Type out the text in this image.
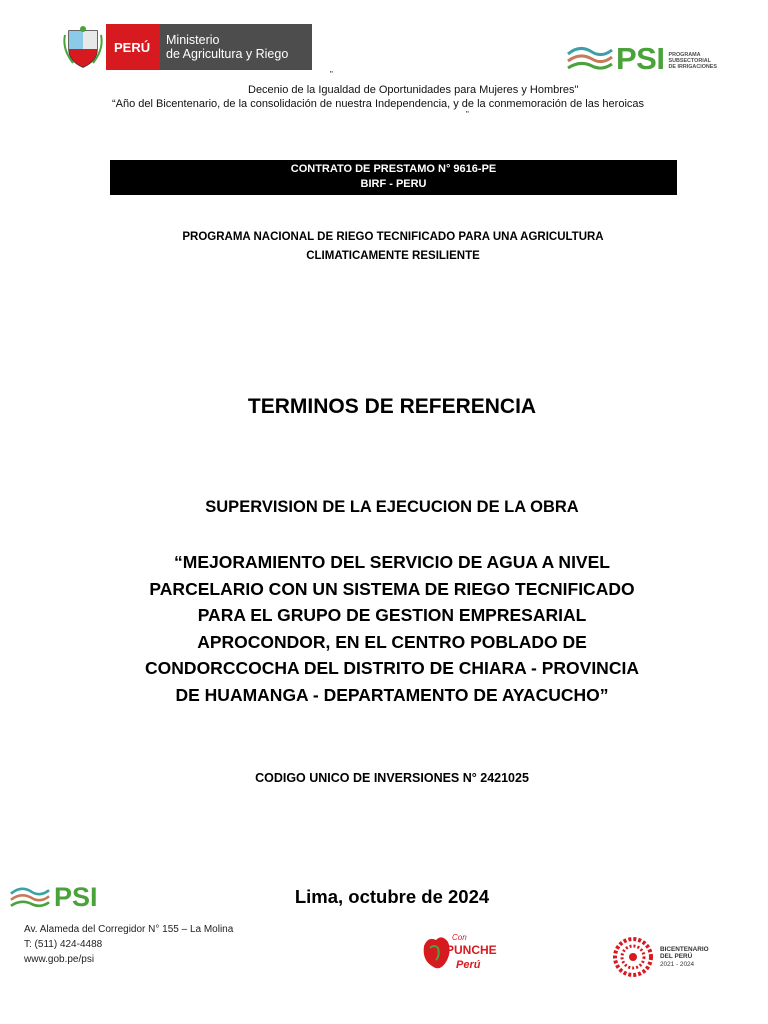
PERÚ	Ministerio
de Agricultura y Riego	PSI PROGRAMA
SUBSECTORIAL
DE IRRIGACIONES
"
Decenio de la Igualdad de Oportunidades para Mujeres y Hombres"
“Año del Bicentenario, de la consolidación de nuestra Independencia, y de la conmemoración de las heroicas
"
CONTRATO DE PRESTAMO N° 9616-PE
BIRF - PERU
PROGRAMA NACIONAL DE RIEGO TECNIFICADO PARA UNA AGRICULTURA
CLIMATICAMENTE RESILIENTE
TERMINOS DE REFERENCIA
SUPERVISION DE LA EJECUCION DE LA OBRA
“MEJORAMIENTO DEL SERVICIO DE AGUA A NIVEL
PARCELARIO CON UN SISTEMA DE RIEGO TECNIFICADO
PARA EL GRUPO DE GESTION EMPRESARIAL
APROCONDOR, EN EL CENTRO POBLADO DE
CONDORCCOCHA DEL DISTRITO DE CHIARA - PROVINCIA
DE HUAMANGA - DEPARTAMENTO DE AYACUCHO”
CODIGO UNICO DE INVERSIONES N° 2421025
Lima, octubre de 2024
PSI
Av. Alameda del Corregidor N° 155 – La Molina
T: (511) 424-4488
www.gob.pe/psi
Con
PUNCHE
Perú
BICENTENARIO
DEL PERÚ
2021 - 2024
